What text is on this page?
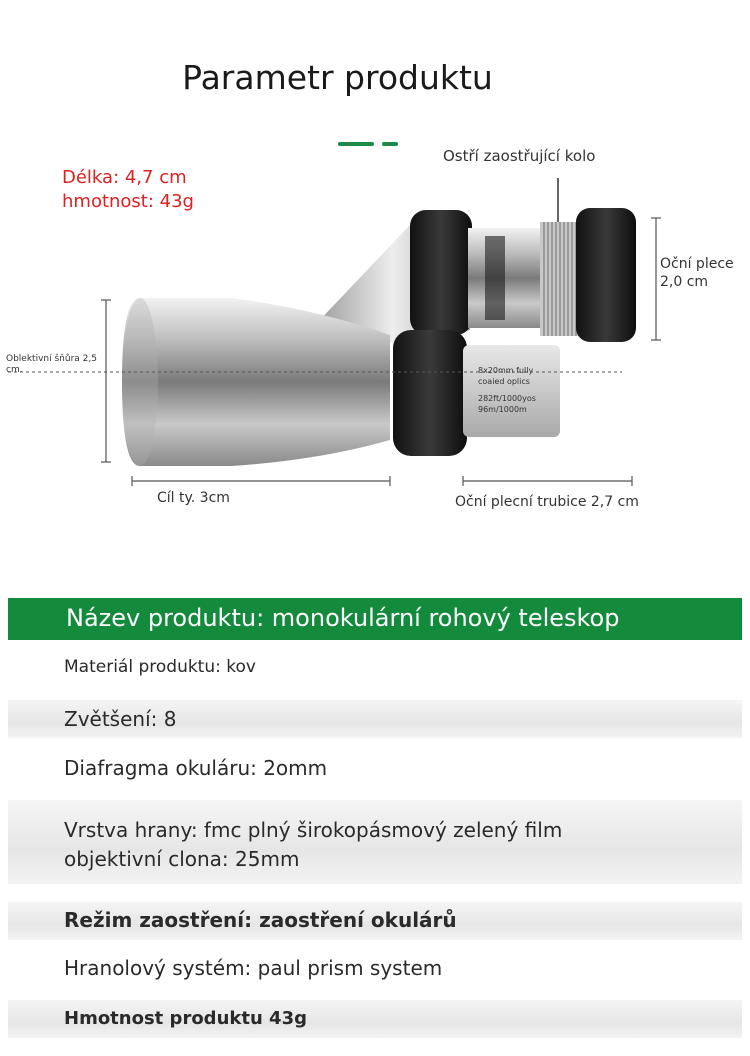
Parametr produktu
Délka: 4,7 cm
hmotnost: 43g
8x20mm fully
coaied oplics
282ft/1000yos
96m/1000m
Ostří zaostřující kolo
Oční plece
2,0 cm
Oblektivní šňůra 2,5
cm.
Cíl ty. 3cm	Oční plecní trubice 2,7 cm
Název produktu: monokulární rohový teleskop
Materiál produktu: kov
Zvětšení: 8
Diafragma okuláru: 2omm
Vrstva hrany: fmc plný širokopásmový zelený film
objektivní clona: 25mm
Režim zaostření: zaostření okulárů
Hranolový systém: paul prism system
Hmotnost produktu 43g
